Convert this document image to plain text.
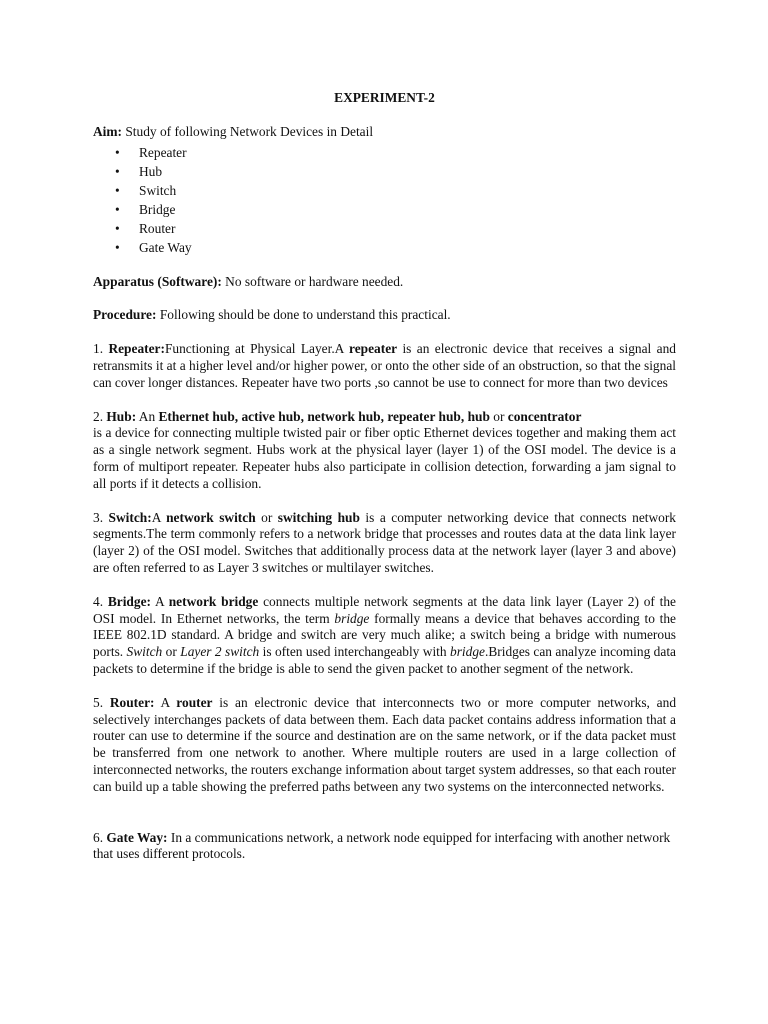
EXPERIMENT-2

Aim: Study of following Network Devices in Detail

• Repeater
• Hub
• Switch
• Bridge
• Router
• Gate Way

Apparatus (Software): No software or hardware needed.

Procedure: Following should be done to understand this practical.

1. Repeater:Functioning at Physical Layer.A repeater is an electronic device that receives a signal and retransmits it at a higher level and/or higher power, or onto the other side of an obstruction, so that the signal can cover longer distances. Repeater have two ports ,so cannot be use to connect for more than two devices

2. Hub: An Ethernet hub, active hub, network hub, repeater hub, hub or concentrator

is a device for connecting multiple twisted pair or fiber optic Ethernet devices together and making them act as a single network segment. Hubs work at the physical layer (layer 1) of the OSI model. The device is a form of multiport repeater. Repeater hubs also participate in collision detection, forwarding a jam signal to all ports if it detects a collision.

3. Switch:A network switch or switching hub is a computer networking device that connects network segments.The term commonly refers to a network bridge that processes and routes data at the data link layer (layer 2) of the OSI model. Switches that additionally process data at the network layer (layer 3 and above) are often referred to as Layer 3 switches or multilayer switches.

4. Bridge: A network bridge connects multiple network segments at the data link layer (Layer 2) of the OSI model. In Ethernet networks, the term bridge formally means a device that behaves according to the IEEE 802.1D standard. A bridge and switch are very much alike; a switch being a bridge with numerous ports. Switch or Layer 2 switch is often used interchangeably with bridge.Bridges can analyze incoming data packets to determine if the bridge is able to send the given packet to another segment of the network.

5. Router: A router is an electronic device that interconnects two or more computer networks, and selectively interchanges packets of data between them. Each data packet contains address information that a router can use to determine if the source and destination are on the same network, or if the data packet must be transferred from one network to another. Where multiple routers are used in a large collection of interconnected networks, the routers exchange information about target system addresses, so that each router can build up a table showing the preferred paths between any two systems on the interconnected networks.

6. Gate Way: In a communications network, a network node equipped for interfacing with another network that uses different protocols.
